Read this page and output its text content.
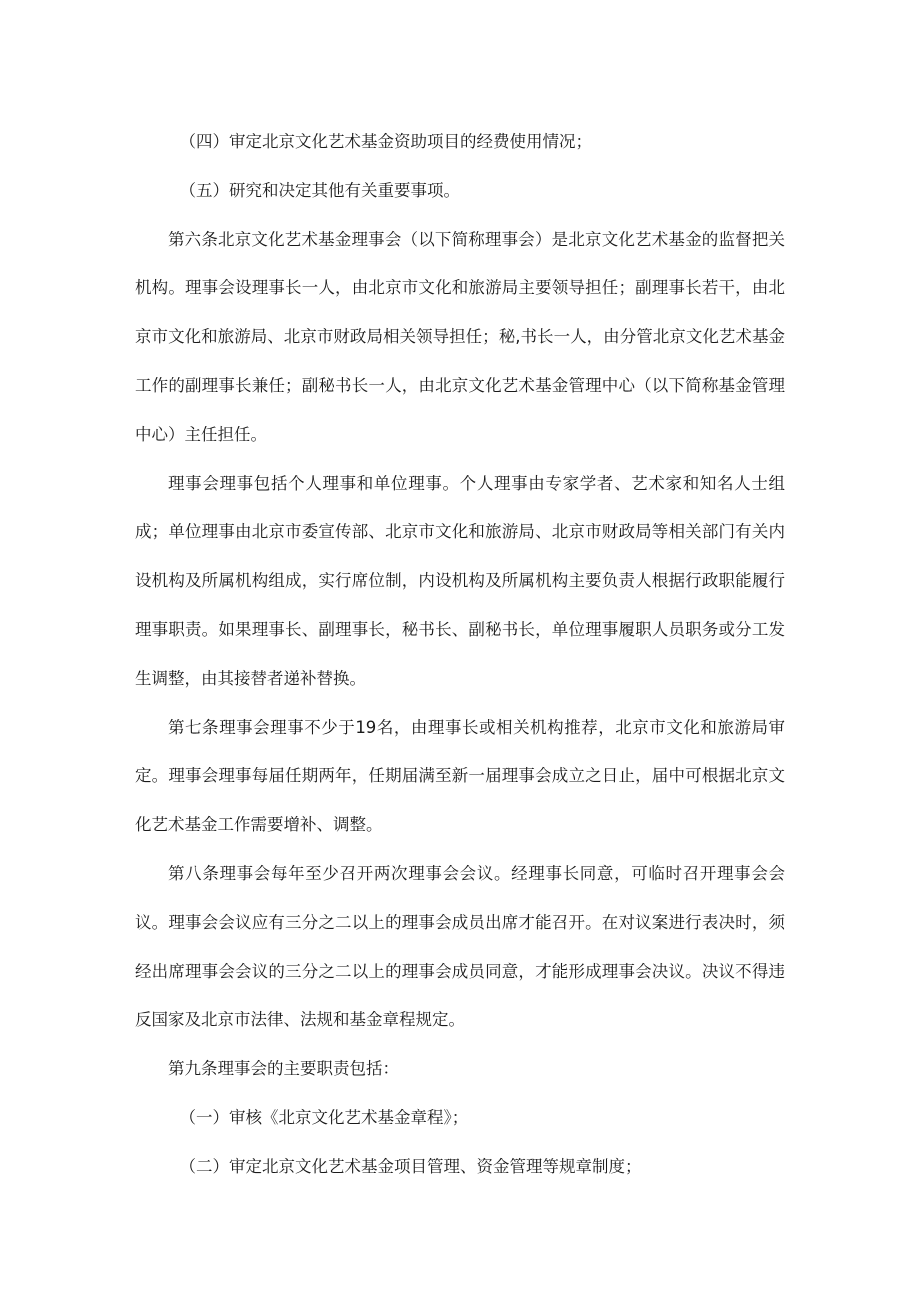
（四）审定北京文化艺术基金资助项目的经费使用情况；

（五）研究和决定其他有关重要事项。

第六条北京文化艺术基金理事会（以下简称理事会）是北京文化艺术基金的监督把关机构。理事会设理事长一人，由北京市文化和旅游局主要领导担任；副理事长若干，由北京市文化和旅游局、北京市财政局相关领导担任；秘,书长一人，由分管北京文化艺术基金工作的副理事长兼任；副秘书长一人，由北京文化艺术基金管理中心（以下简称基金管理中心）主任担任。

理事会理事包括个人理事和单位理事。个人理事由专家学者、艺术家和知名人士组成；单位理事由北京市委宣传部、北京市文化和旅游局、北京市财政局等相关部门有关内设机构及所属机构组成，实行席位制，内设机构及所属机构主要负责人根据行政职能履行理事职责。如果理事长、副理事长，秘书长、副秘书长，单位理事履职人员职务或分工发生调整，由其接替者递补替换。

第七条理事会理事不少于19名，由理事长或相关机构推荐，北京市文化和旅游局审定。理事会理事每届任期两年，任期届满至新一届理事会成立之日止，届中可根据北京文化艺术基金工作需要增补、调整。

第八条理事会每年至少召开两次理事会会议。经理事长同意，可临时召开理事会会议。理事会会议应有三分之二以上的理事会成员出席才能召开。在对议案进行表决时，须经出席理事会会议的三分之二以上的理事会成员同意，才能形成理事会决议。决议不得违反国家及北京市法律、法规和基金章程规定。

第九条理事会的主要职责包括：

（一）审核《北京文化艺术基金章程》；

（二）审定北京文化艺术基金项目管理、资金管理等规章制度；
